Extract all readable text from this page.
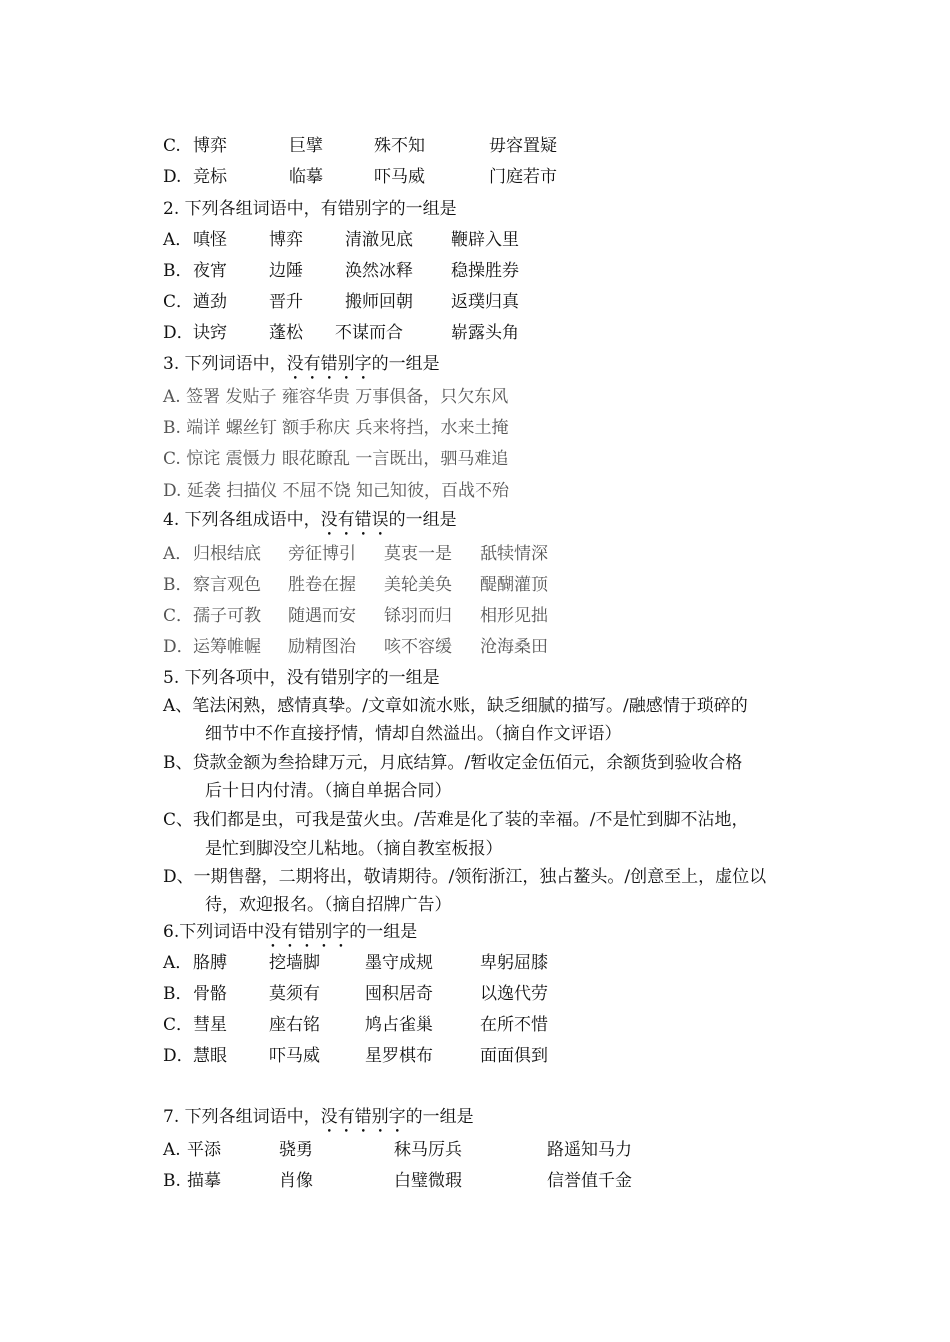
C. 博弈	巨擘	殊不知	毋容置疑
D. 竞标	临摹	吓马威	门庭若市
2. 下列各组词语中，有错别字的一组是
A． 嗔怪 博弈 清澈见底 鞭辟入里
B． 夜宵 边陲 涣然冰释 稳操胜券
C． 遒劲 晋升 搬师回朝 返璞归真
D． 诀窍 蓬松 不谋而合	崭露头角
3. 下列词语中，没有错别字的一组是
A. 签署 发贴子 雍容华贵 万事俱备，只欠东风
B. 端详 螺丝钉 额手称庆 兵来将挡，水来土掩
C. 惊诧 震慑力 眼花瞭乱 一言既出，驷马难追
D. 延袭 扫描仪 不屈不饶 知己知彼，百战不殆
4. 下列各组成语中，没有错误的一组是
A． 归根结底 旁征博引 莫衷一是 舐犊情深
B． 察言观色 胜卷在握 美轮美奂 醍醐灌顶
C． 孺子可教 随遇而安 铩羽而归 相形见拙
D． 运筹帷幄 励精图治 咳不容缓 沧海桑田
5. 下列各项中，没有错别字的一组是
A、笔法闲熟，感情真挚。/文章如流水账，缺乏细腻的描写。/融感情于琐碎的
细节中不作直接抒情，情却自然溢出。（摘自作文评语）
B、贷款金额为叁拾肆万元，月底结算。/暂收定金伍佰元，余额货到验收合格
后十日内付清。（摘自单据合同）
C、我们都是虫，可我是萤火虫。/苦难是化了装的幸福。/不是忙到脚不沾地，
是忙到脚没空儿粘地。（摘自教室板报）
D、一期售罄，二期将出，敬请期待。/领衔浙江，独占鳌头。/创意至上，虚位以
待，欢迎报名。（摘自招牌广告）
6.下列词语中没有错别字的一组是
A． 胳膊 挖墙脚	墨守成规	卑躬屈膝
B． 骨骼 莫须有	囤积居奇	以逸代劳
C． 彗星 座右铭	鸠占雀巢	在所不惜
D． 慧眼 吓马威	星罗棋布	面面俱到
7. 下列各组词语中，没有错别字的一组是
A. 平添	骁勇	秣马厉兵	路遥知马力
B. 描摹	肖像	白璧微瑕	信誉值千金
